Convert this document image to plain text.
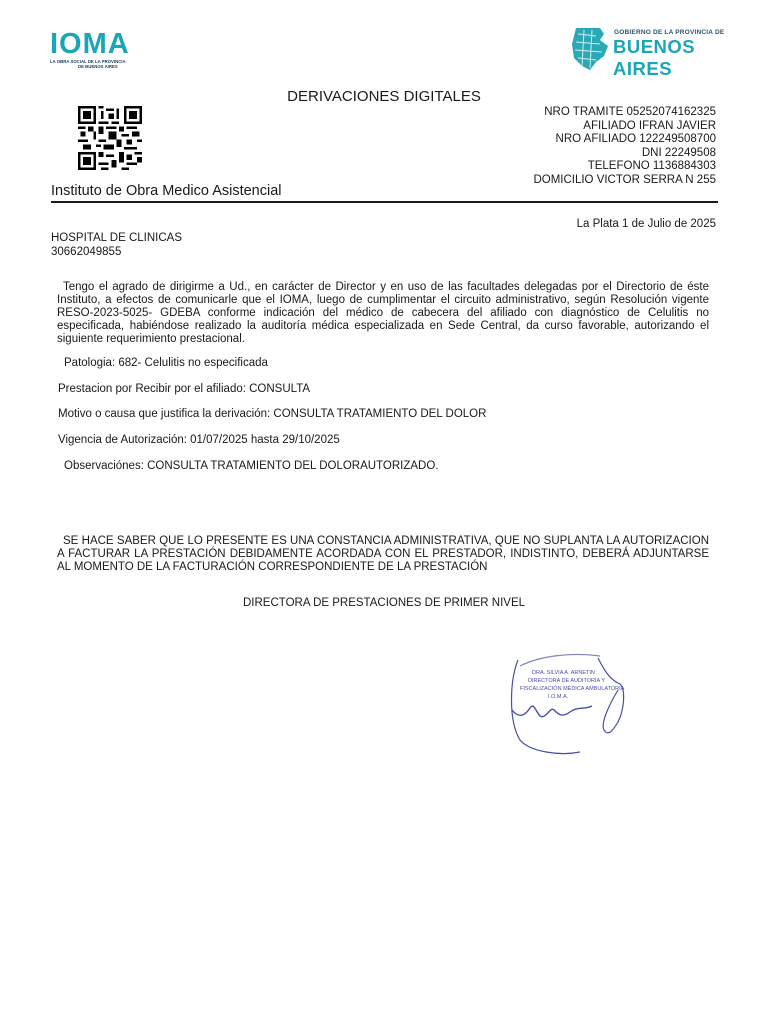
IOMA
LA OBRA SOCIAL DE LA PROVINCIA
DE BUENOS AIRES
GOBIERNO DE LA PROVINCIA DE
BUENOS AIRES
DERIVACIONES DIGITALES
NRO TRAMITE 05252074162325
AFILIADO IFRAN JAVIER
NRO AFILIADO 122249508700
DNI 22249508
TELEFONO 1136884303
DOMICILIO VICTOR SERRA N 255
Instituto de Obra Medico Asistencial
La Plata 1 de Julio de 2025
HOSPITAL DE CLINICAS
30662049855
Tengo el agrado de dirigirme a Ud., en carácter de Director y en uso de las facultades delegadas por el Directorio de éste Instituto, a efectos de comunicarle que el IOMA, luego de cumplimentar el circuito administrativo, según Resolución vigente RESO-2023-5025- GDEBA conforme indicación del médico de cabecera del afiliado con diagnóstico de Celulitis no especificada, habiéndose realizado la auditoría médica especializada en Sede Central, da curso favorable, autorizando el siguiente requerimiento prestacional.
Patologia: 682- Celulitis no especificada
Prestacion por Recibir por el afiliado: CONSULTA
Motivo o causa que justifica la derivación: CONSULTA TRATAMIENTO DEL DOLOR
Vigencia de Autorización: 01/07/2025 hasta 29/10/2025
Observaciónes: CONSULTA TRATAMIENTO DEL DOLORAUTORIZADO.
SE HACE SABER QUE LO PRESENTE ES UNA CONSTANCIA ADMINISTRATIVA, QUE NO SUPLANTA LA AUTORIZACION A FACTURAR LA PRESTACIÓN DEBIDAMENTE ACORDADA CON EL PRESTADOR, INDISTINTO, DEBERÁ ADJUNTARSE AL MOMENTO DE LA FACTURACIÓN CORRESPONDIENTE DE LA PRESTACIÓN
DIRECTORA DE PRESTACIONES DE PRIMER NIVEL
DRA. SILVIA A. ARNETIN
DIRECTORA DE AUDITORÍA Y
FISCALIZACIÓN MÉDICA AMBULATORIA
I.O.M.A.
